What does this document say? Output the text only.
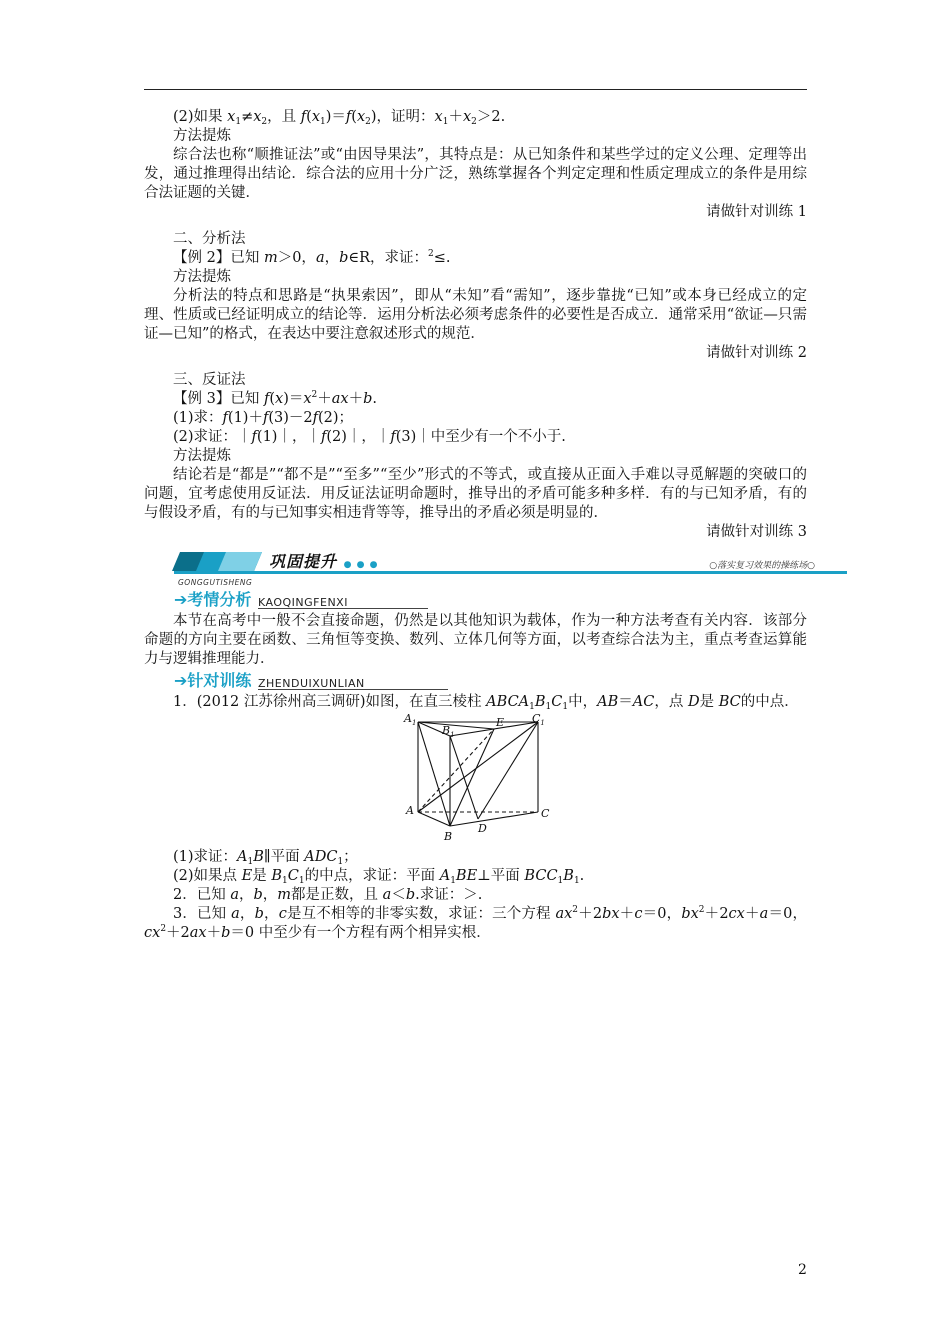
(2)如果 $x_1\ne x_2$，且 $f(x_1)=f(x_2)$，证明：$x_1+x_2>2$.

方法提炼

综合法也称“顺推证法”或“由因导果法”，其特点是：从已知条件和某些学过的定义公理、定理等出发，通过推理得出结论．综合法的应用十分广泛，熟练掌握各个判定定理和性质定理成立的条件是用综合法证题的关键．

请做针对训练 1

二、分析法

【例 2】已知 m＞0，a，b∈R，求证：$^2$≤.

方法提炼

分析法的特点和思路是“执果索因”，即从“未知”看“需知”，逐步靠拢“已知”或本身已经成立的定理、性质或已经证明成立的结论等．运用分析法必须考虑条件的必要性是否成立．通常采用“欲证—只需证—已知”的格式，在表达中要注意叙述形式的规范．

请做针对训练 2

三、反证法

【例 3】已知 $f(x)=x^2+ax+b$.

(1)求：f(1)＋f(3)－2f(2)；

(2)求证：｜f(1)｜，｜f(2)｜，｜f(3)｜中至少有一个不小于.

方法提炼

结论若是“都是”“都不是”“至多”“至少”形式的不等式，或直接从正面入手难以寻觅解题的突破口的问题，宜考虑使用反证法．用反证法证明命题时，推导出的矛盾可能多种多样．有的与已知矛盾，有的与假设矛盾，有的与已知事实相违背等等，推导出的矛盾必须是明显的．

请做针对训练 3

巩固提升 ● ● ●
GONGGUTISHENG
○落实复习效果的操练场○
➔考情分析 KAOQINGFENXI

本节在高考中一般不会直接命题，仍然是以其他知识为载体，作为一种方法考查有关内容．该部分命题的方向主要在函数、三角恒等变换、数列、立体几何等方面，以考查综合法为主，重点考查运算能力与逻辑推理能力．

➔针对训练 ZHENDUIXUNLIAN

1．(2012 江苏徐州高三调研)如图，在直三棱柱 $ABCA_1B_1C_1$中，AB＝AC，点 D是 BC的中点．

$A_1$
$B_1$
E	$C_1$
A
B
C
D

(1)求证：$A_1B\parallel$平面 $ADC_1$；

(2)如果点 E是 $B_1C_1$的中点，求证：平面 $A_1BE\perp$平面 $BCC_1B_1$.

2．已知 a，b，m都是正数，且 a＜b.求证：＞.

3．已知 a，b，c是互不相等的非零实数，求证：三个方程 $ax^2+2bx+c=0$，$bx^2+2cx+a=0$，$cx^2+2ax+b=0$ 中至少有一个方程有两个相异实根．

2
